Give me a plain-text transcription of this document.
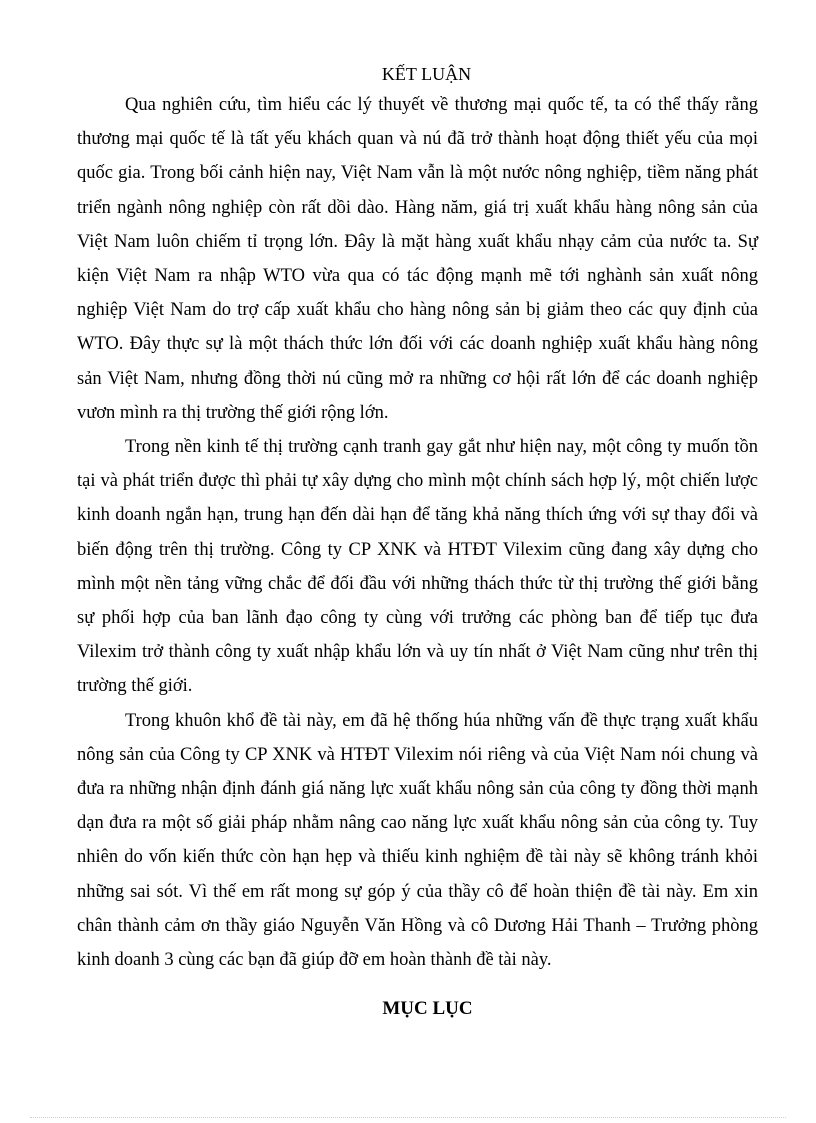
KẾT LUẬN

Qua nghiên cứu, tìm hiểu các lý thuyết về thương mại quốc tế, ta có thể thấy rằng thương mại quốc tế là tất yếu khách quan và nú đã trở thành hoạt động thiết yếu của mọi quốc gia. Trong bối cảnh hiện nay, Việt Nam vẫn là một nước nông nghiệp, tiềm năng phát triển ngành nông nghiệp còn rất dồi dào. Hàng năm, giá trị xuất khẩu hàng nông sản của Việt Nam luôn chiếm tỉ trọng lớn. Đây là mặt hàng xuất khẩu nhạy cảm của nước ta. Sự kiện Việt Nam ra nhập WTO vừa qua có tác động mạnh mẽ tới nghành sản xuất nông nghiệp Việt Nam do trợ cấp xuất khẩu cho hàng nông sản bị giảm theo các quy định của WTO. Đây thực sự là một thách thức lớn đối với các doanh nghiệp xuất khẩu hàng nông sản Việt Nam, nhưng đồng thời nú cũng mở ra những cơ hội rất lớn để các doanh nghiệp vươn mình ra thị trường thế giới rộng lớn.

Trong nền kinh tế thị trường cạnh tranh gay gắt như hiện nay, một công ty muốn tồn tại và phát triển được thì phải tự xây dựng cho mình một chính sách hợp lý, một chiến lược kinh doanh ngắn hạn, trung hạn đến dài hạn để tăng khả năng thích ứng với sự thay đổi và biến động trên thị trường. Công ty CP XNK và HTĐT Vilexim cũng đang xây dựng cho mình một nền tảng vững chắc để đối đầu với những thách thức từ thị trường thế giới bằng sự phối hợp của ban lãnh đạo công ty cùng với trưởng các phòng ban để tiếp tục đưa Vilexim trở thành công ty xuất nhập khẩu lớn và uy tín nhất ở Việt Nam cũng như trên thị trường thế giới.

Trong khuôn khổ đề tài này, em đã hệ thống húa những vấn đề thực trạng xuất khẩu nông sản của Công ty CP XNK và HTĐT Vilexim nói riêng và của Việt Nam nói chung và đưa ra những nhận định đánh giá năng lực xuất khẩu nông sản của công ty đồng thời mạnh dạn đưa ra một số giải pháp nhằm nâng cao năng lực xuất khẩu nông sản của công ty. Tuy nhiên do vốn kiến thức còn hạn hẹp và thiếu kinh nghiệm đề tài này sẽ không tránh khỏi những sai sót. Vì thế em rất mong sự góp ý của thầy cô để hoàn thiện đề tài này. Em xin chân thành cảm ơn thầy giáo Nguyễn Văn Hồng và cô Dương Hải Thanh – Trưởng phòng kinh doanh 3 cùng các bạn đã giúp đỡ em hoàn thành đề tài này.

MỤC LỤC
